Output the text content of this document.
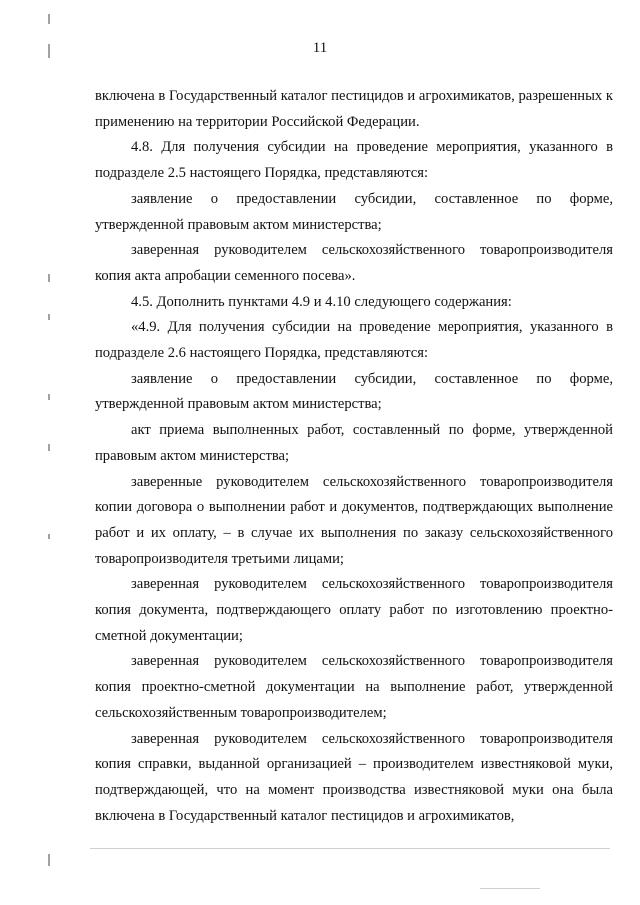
11

включена в Государственный каталог пестицидов и агрохимикатов, разрешенных к применению на территории Российской Федерации.

4.8. Для получения субсидии на проведение мероприятия, указанного в подразделе 2.5 настоящего Порядка, представляются:

заявление о предоставлении субсидии, составленное по форме, утвержденной правовым актом министерства;

заверенная руководителем сельскохозяйственного товаропроизводителя копия акта апробации семенного посева».

4.5. Дополнить пунктами 4.9 и 4.10 следующего содержания:

«4.9. Для получения субсидии на проведение мероприятия, указанного в подразделе 2.6 настоящего Порядка, представляются:

заявление о предоставлении субсидии, составленное по форме, утвержденной правовым актом министерства;

акт приема выполненных работ, составленный по форме, утвержденной правовым актом министерства;

заверенные руководителем сельскохозяйственного товаропроизводителя копии договора о выполнении работ и документов, подтверждающих выполнение работ и их оплату, – в случае их выполнения по заказу сельскохозяйственного товаропроизводителя третьими лицами;

заверенная руководителем сельскохозяйственного товаропроизводителя копия документа, подтверждающего оплату работ по изготовлению проектно-сметной документации;

заверенная руководителем сельскохозяйственного товаропроизводителя копия проектно-сметной документации на выполнение работ, утвержденной сельскохозяйственным товаропроизводителем;

заверенная руководителем сельскохозяйственного товаропроизводителя копия справки, выданной организацией – производителем известняковой муки, подтверждающей, что на момент производства известняковой муки она была включена в Государственный каталог пестицидов и агрохимикатов,
